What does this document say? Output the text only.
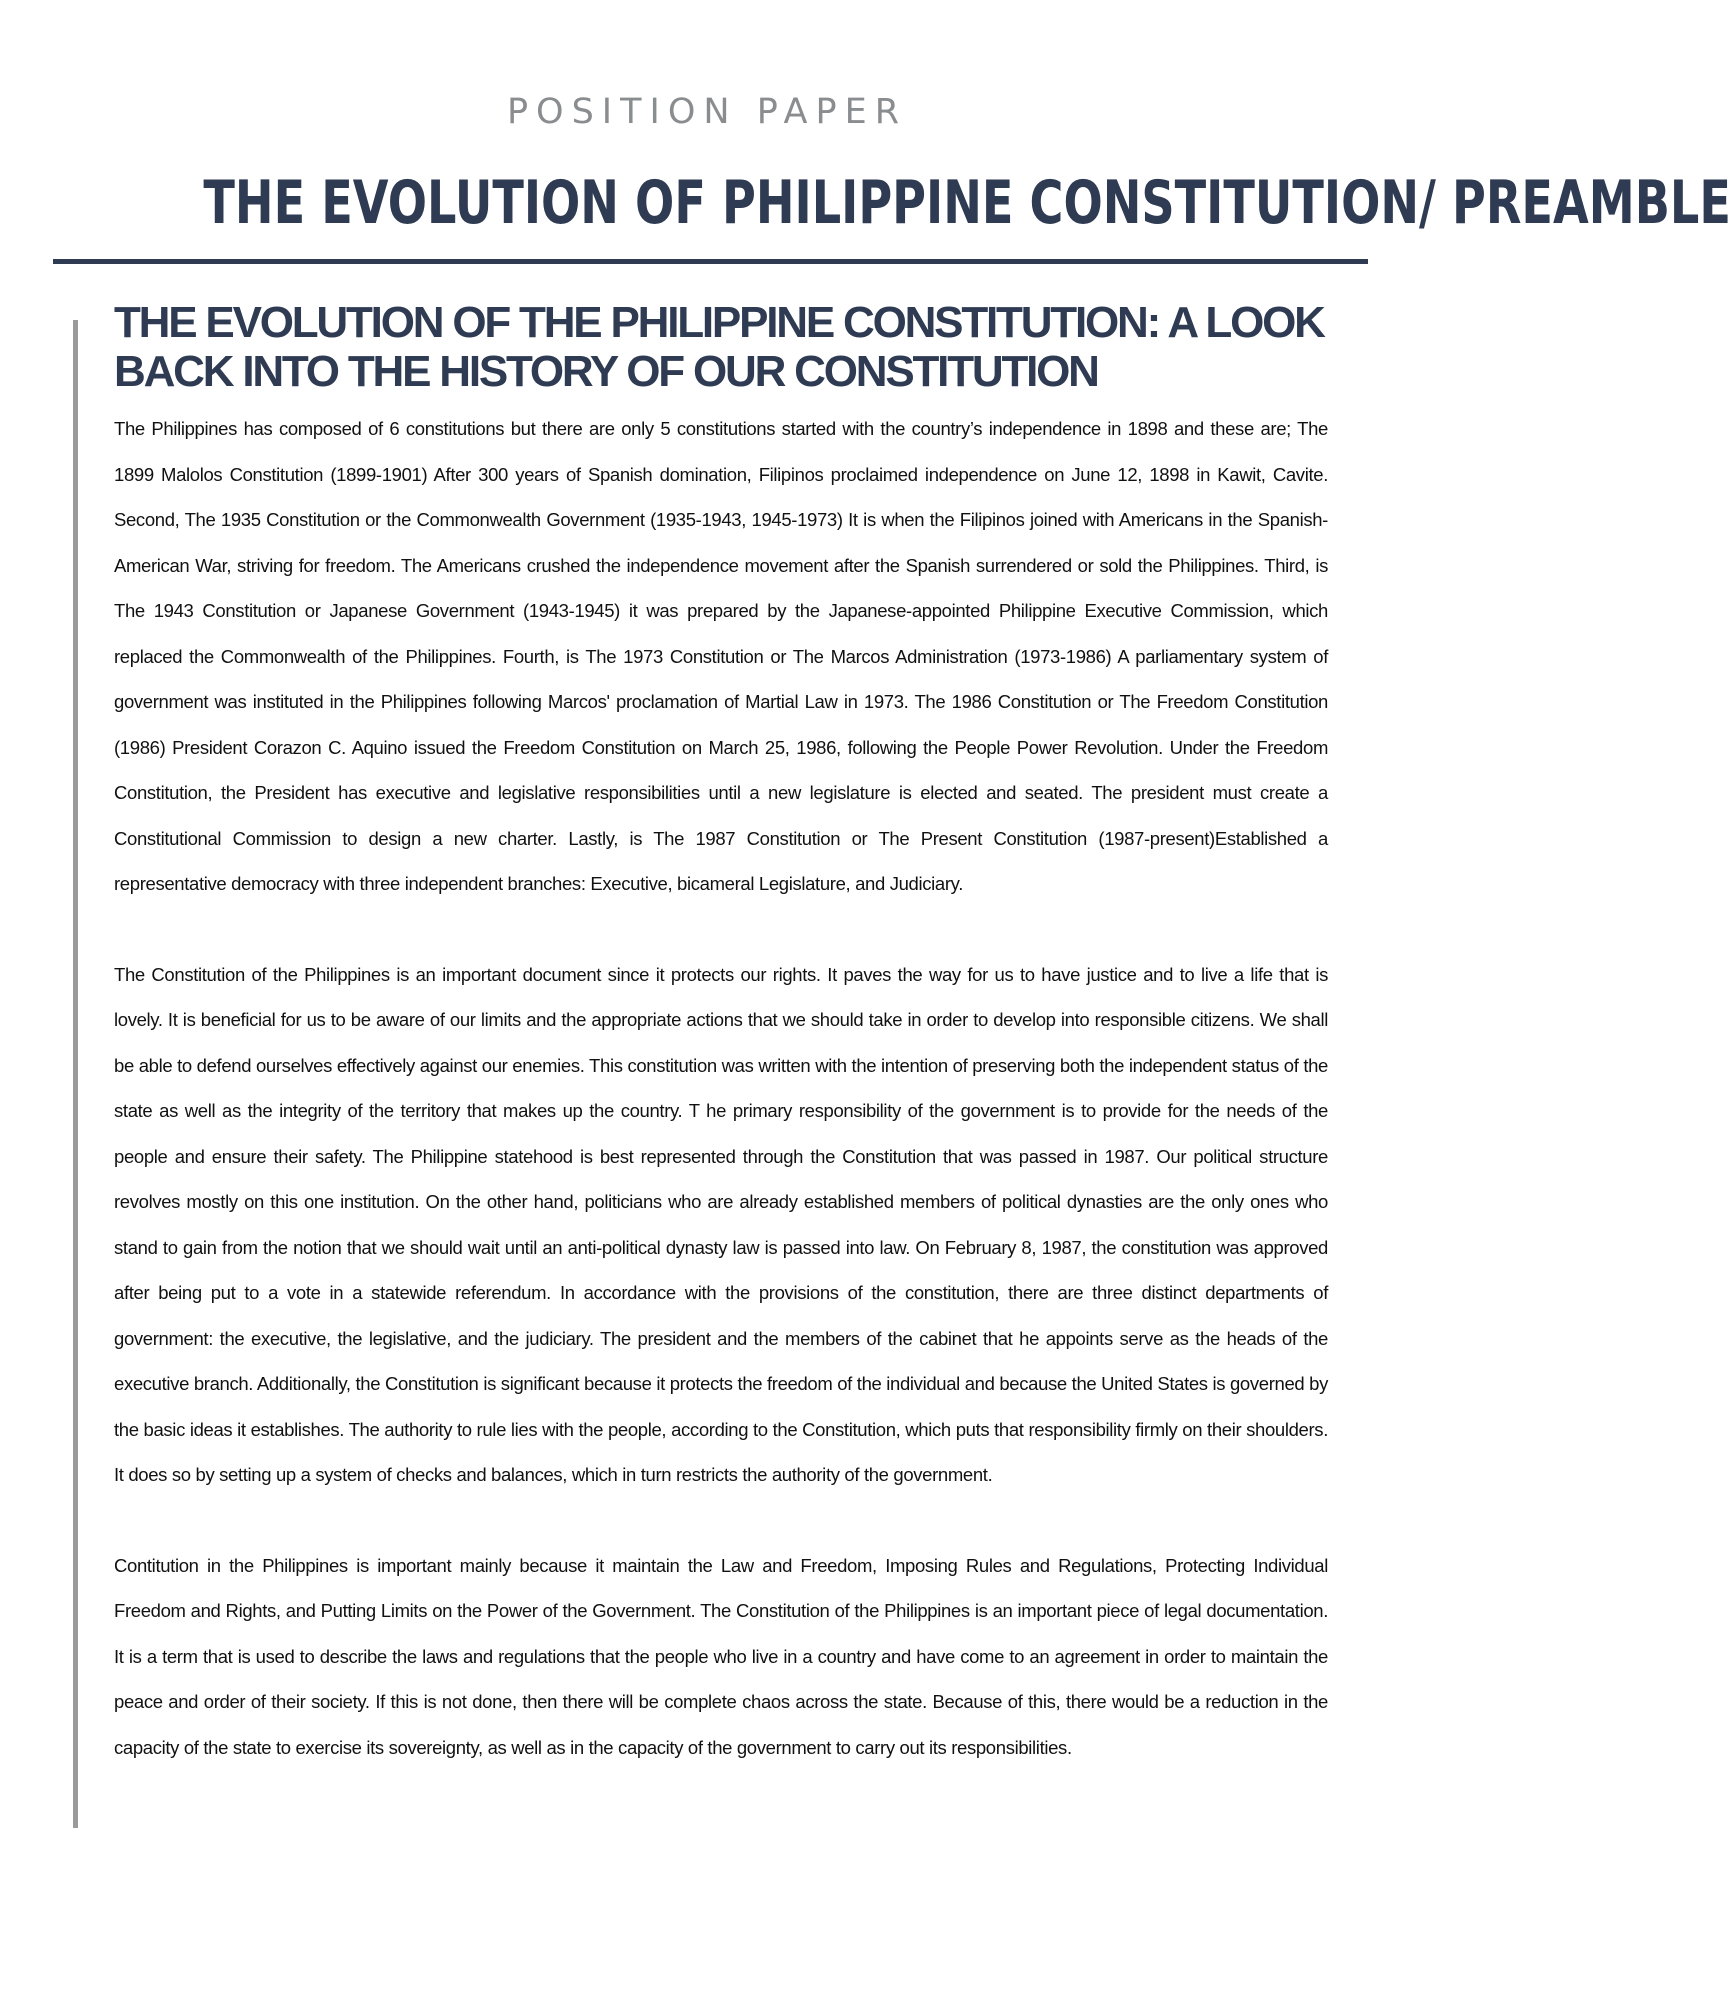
POSITION PAPER
THE EVOLUTION OF PHILIPPINE CONSTITUTION/ PREAMBLE
THE EVOLUTION OF THE PHILIPPINE CONSTITUTION: A LOOK BACK INTO THE HISTORY OF OUR CONSTITUTION

The Philippines has composed of 6 constitutions but there are only 5 constitutions started with the country’s independence in 1898 and these are; The 1899 Malolos Constitution (1899-1901) After 300 years of Spanish domination, Filipinos proclaimed independence on June 12, 1898 in Kawit, Cavite. Second, The 1935 Constitution or the Commonwealth Government (1935-1943, 1945-1973) It is when the Filipinos joined with Americans in the Spanish-American War, striving for freedom. The Americans crushed the independence movement after the Spanish surrendered or sold the Philippines. Third, is The 1943 Constitution or Japanese Government (1943-1945) it was prepared by the Japanese-appointed Philippine Executive Commission, which replaced the Commonwealth of the Philippines. Fourth, is The 1973 Constitution or The Marcos Administration (1973-1986) A parliamentary system of government was instituted in the Philippines following Marcos' proclamation of Martial Law in 1973. The 1986 Constitution or The Freedom Constitution (1986) President Corazon C. Aquino issued the Freedom Constitution on March 25, 1986, following the People Power Revolution. Under the Freedom Constitution, the President has executive and legislative responsibilities until a new legislature is elected and seated. The president must create a Constitutional Commission to design a new charter. Lastly, is The 1987 Constitution or The Present Constitution (1987-present)Established a representative democracy with three independent branches: Executive, bicameral Legislature, and Judiciary.

The Constitution of the Philippines is an important document since it protects our rights. It paves the way for us to have justice and to live a life that is lovely. It is beneficial for us to be aware of our limits and the appropriate actions that we should take in order to develop into responsible citizens. We shall be able to defend ourselves effectively against our enemies. This constitution was written with the intention of preserving both the independent status of the state as well as the integrity of the territory that makes up the country. T he primary responsibility of the government is to provide for the needs of the people and ensure their safety. The Philippine statehood is best represented through the Constitution that was passed in 1987. Our political structure revolves mostly on this one institution. On the other hand, politicians who are already established members of political dynasties are the only ones who stand to gain from the notion that we should wait until an anti-political dynasty law is passed into law. On February 8, 1987, the constitution was approved after being put to a vote in a statewide referendum. In accordance with the provisions of the constitution, there are three distinct departments of government: the executive, the legislative, and the judiciary. The president and the members of the cabinet that he appoints serve as the heads of the executive branch. Additionally, the Constitution is significant because it protects the freedom of the individual and because the United States is governed by the basic ideas it establishes. The authority to rule lies with the people, according to the Constitution, which puts that responsibility firmly on their shoulders. It does so by setting up a system of checks and balances, which in turn restricts the authority of the government.

Contitution in the Philippines is important mainly because it maintain the Law and Freedom, Imposing Rules and Regulations, Protecting Individual Freedom and Rights, and Putting Limits on the Power of the Government. The Constitution of the Philippines is an important piece of legal documentation. It is a term that is used to describe the laws and regulations that the people who live in a country and have come to an agreement in order to maintain the peace and order of their society. If this is not done, then there will be complete chaos across the state. Because of this, there would be a reduction in the capacity of the state to exercise its sovereignty, as well as in the capacity of the government to carry out its responsibilities.
